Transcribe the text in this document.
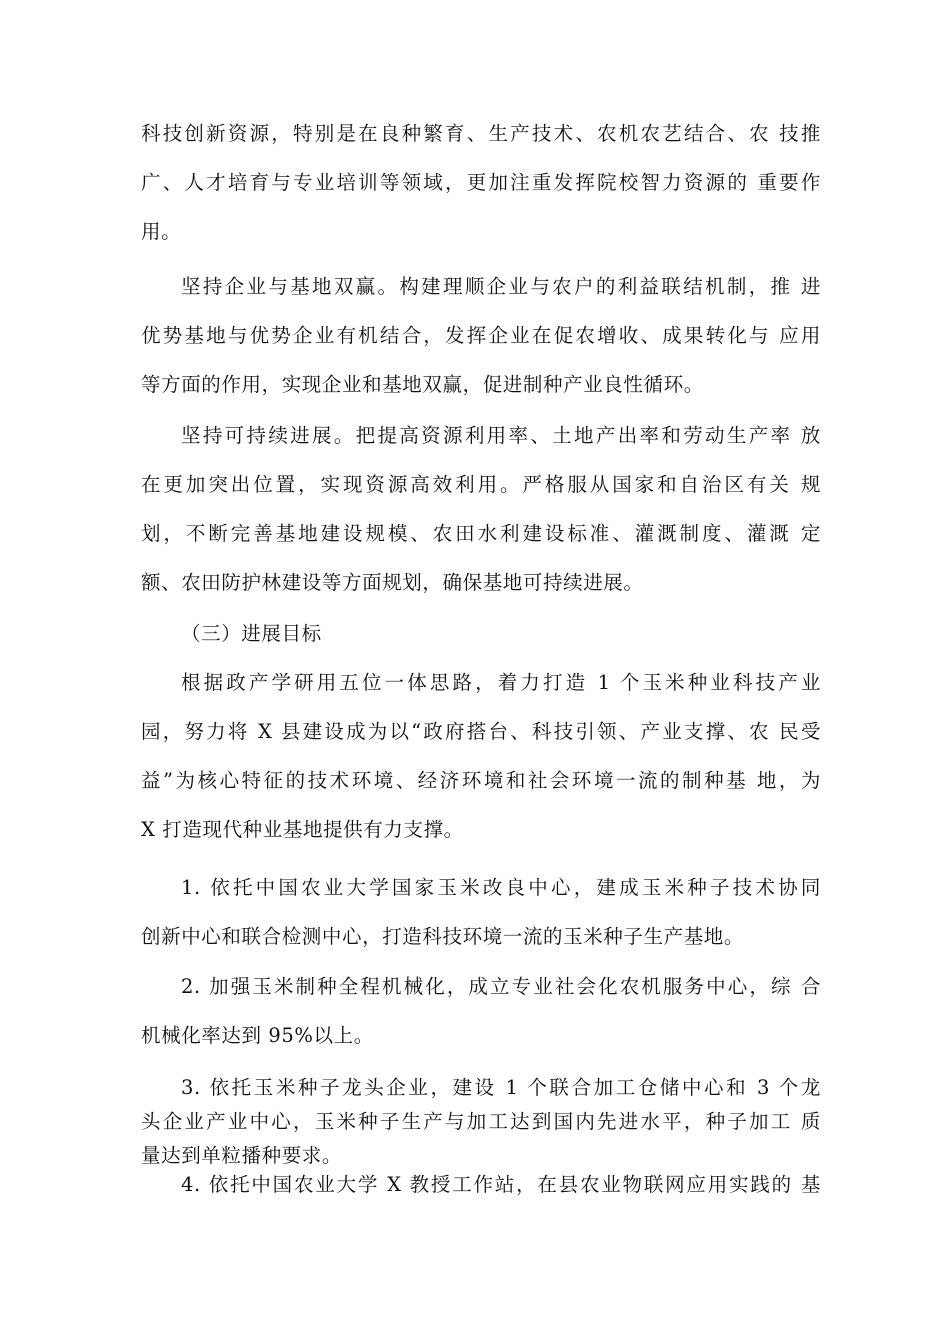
科技创新资源，特别是在良种繁育、生产技术、农机农艺结合、农 技推
广、人才培育与专业培训等领域，更加注重发挥院校智力资源的 重要作
用。
坚持企业与基地双赢。构建理顺企业与农户的利益联结机制，推 进
优势基地与优势企业有机结合，发挥企业在促农增收、成果转化与 应用
等方面的作用，实现企业和基地双赢，促进制种产业良性循环。
坚持可持续进展。把提高资源利用率、土地产出率和劳动生产率 放
在更加突出位置，实现资源高效利用。严格服从国家和自治区有关 规
划，不断完善基地建设规模、农田水利建设标准、灌溉制度、灌溉 定
额、农田防护林建设等方面规划，确保基地可持续进展。

（三）进展目标

根据政产学研用五位一体思路，着力打造 1 个玉米种业科技产业
园，努力将 X 县建设成为以“政府搭台、科技引领、产业支撑、农 民受
益”为核心特征的技术环境、经济环境和社会环境一流的制种基 地，为
X 打造现代种业基地提供有力支撑。
1. 依托中国农业大学国家玉米改良中心，建成玉米种子技术协同
创新中心和联合检测中心，打造科技环境一流的玉米种子生产基地。
2. 加强玉米制种全程机械化，成立专业社会化农机服务中心，综 合
机械化率达到 95%以上。
3. 依托玉米种子龙头企业，建设 1 个联合加工仓储中心和 3 个龙
头企业产业中心，玉米种子生产与加工达到国内先进水平，种子加工 质
量达到单粒播种要求。
4. 依托中国农业大学 X 教授工作站，在县农业物联网应用实践的 基
